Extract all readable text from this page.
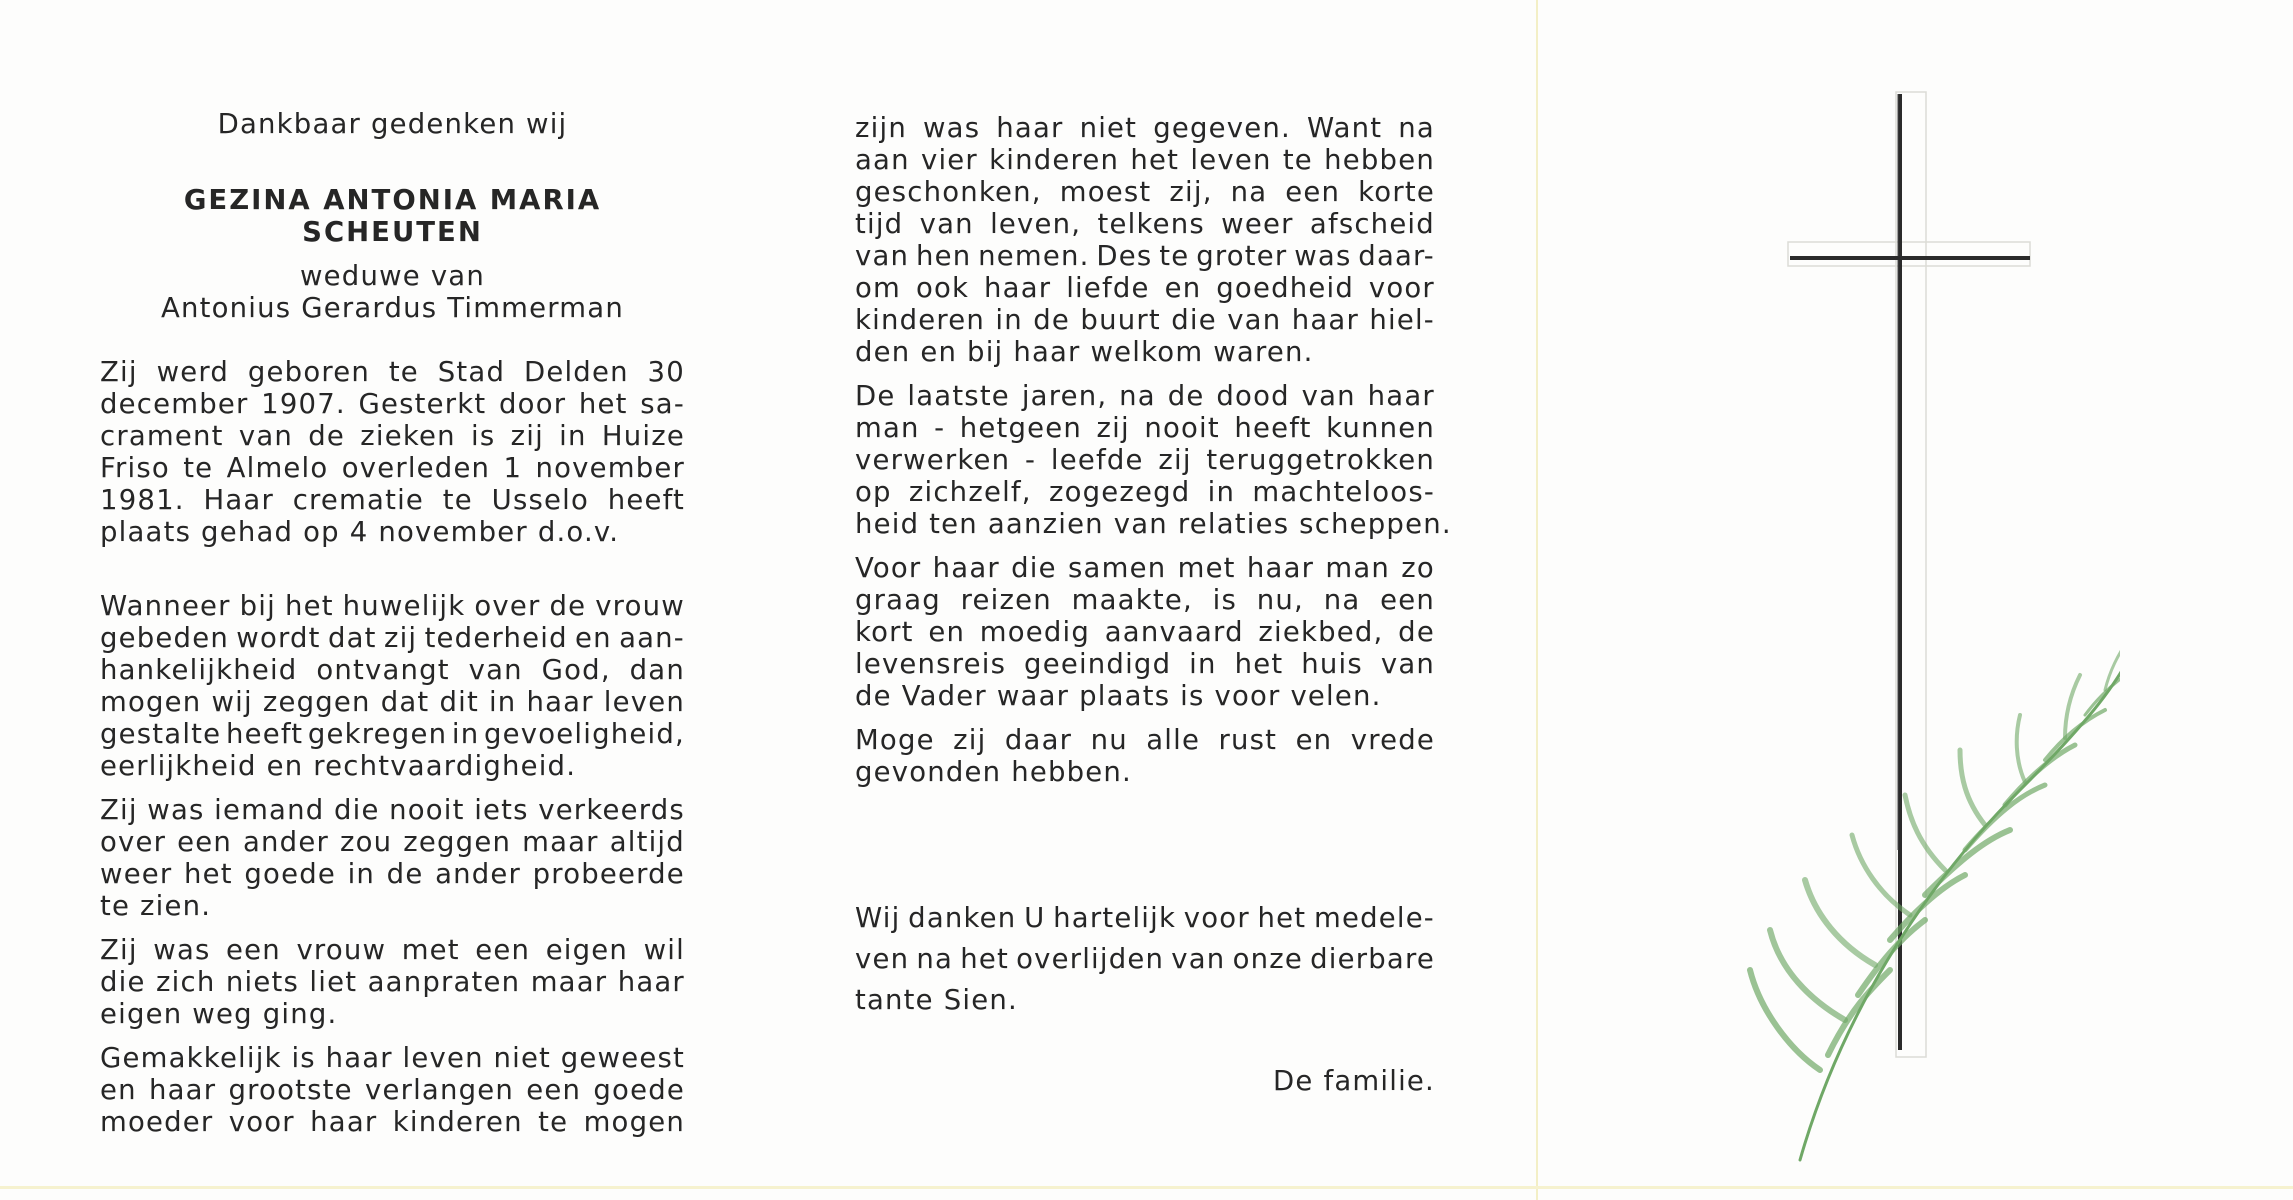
Dankbaar gedenken wij
GEZINA ANTONIA MARIA SCHEUTEN
weduwe van
Antonius Gerardus Timmerman
Zij werd geboren te Stad Delden 30
december 1907. Gesterkt door het sa-
crament van de zieken is zij in Huize
Friso te Almelo overleden 1 november
1981. Haar crematie te Usselo heeft
plaats gehad op 4 november d.o.v.
Wanneer bij het huwelijk over de vrouw
gebeden wordt dat zij tederheid en aan-
hankelijkheid ontvangt van God, dan
mogen wij zeggen dat dit in haar leven
gestalte heeft gekregen in gevoeligheid,
eerlijkheid en rechtvaardigheid.
Zij was iemand die nooit iets verkeerds
over een ander zou zeggen maar altijd
weer het goede in de ander probeerde
te zien.
Zij was een vrouw met een eigen wil
die zich niets liet aanpraten maar haar
eigen weg ging.
Gemakkelijk is haar leven niet geweest
en haar grootste verlangen een goede
moeder voor haar kinderen te mogen
zijn was haar niet gegeven. Want na
aan vier kinderen het leven te hebben
geschonken, moest zij, na een korte
tijd van leven, telkens weer afscheid
van hen nemen. Des te groter was daar-
om ook haar liefde en goedheid voor
kinderen in de buurt die van haar hiel-
den en bij haar welkom waren.
De laatste jaren, na de dood van haar
man - hetgeen zij nooit heeft kunnen
verwerken - leefde zij teruggetrokken
op zichzelf, zogezegd in machteloos-
heid ten aanzien van relaties scheppen.
Voor haar die samen met haar man zo
graag reizen maakte, is nu, na een
kort en moedig aanvaard ziekbed, de
levensreis geeindigd in het huis van
de Vader waar plaats is voor velen.
Moge zij daar nu alle rust en vrede
gevonden hebben.
Wij danken U hartelijk voor het medele-
ven na het overlijden van onze dierbare
tante Sien.
De familie.
